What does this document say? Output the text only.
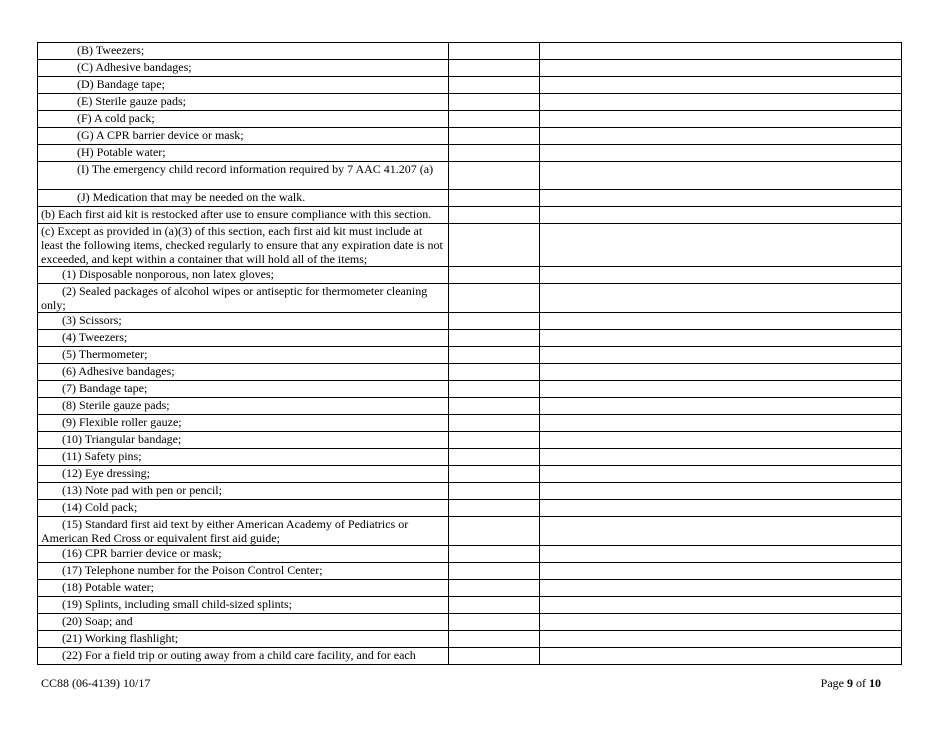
(B) Tweezers;		
(C) Adhesive bandages;		
(D) Bandage tape;		
(E) Sterile gauze pads;		
(F) A cold pack;		
(G) A CPR barrier device or mask;		
(H) Potable water;		
(I) The emergency child record information required by 7 AAC 41.207 (a)		
(J) Medication that may be needed on the walk.		
(b) Each first aid kit is restocked after use to ensure compliance with this section.		
(c) Except as provided in (a)(3) of this section, each first aid kit must include at least the following items, checked regularly to ensure that any expiration date is not exceeded, and kept within a container that will hold all of the items;		
(1) Disposable nonporous, non latex gloves;		
(2) Sealed packages of alcohol wipes or antiseptic for thermometer cleaning only;		
(3) Scissors;		
(4) Tweezers;		
(5) Thermometer;		
(6) Adhesive bandages;		
(7) Bandage tape;		
(8) Sterile gauze pads;		
(9) Flexible roller gauze;		
(10) Triangular bandage;		
(11) Safety pins;		
(12) Eye dressing;		
(13) Note pad with pen or pencil;		
(14) Cold pack;		
(15) Standard first aid text by either American Academy of Pediatrics or American Red Cross or equivalent first aid guide;		
(16) CPR barrier device or mask;		
(17) Telephone number for the Poison Control Center;		
(18) Potable water;		
(19) Splints, including small child-sized splints;		
(20) Soap; and		
(21) Working flashlight;		
(22) For a field trip or outing away from a child care facility, and for each		
CC88 (06-4139) 10/17	Page 9 of 10
